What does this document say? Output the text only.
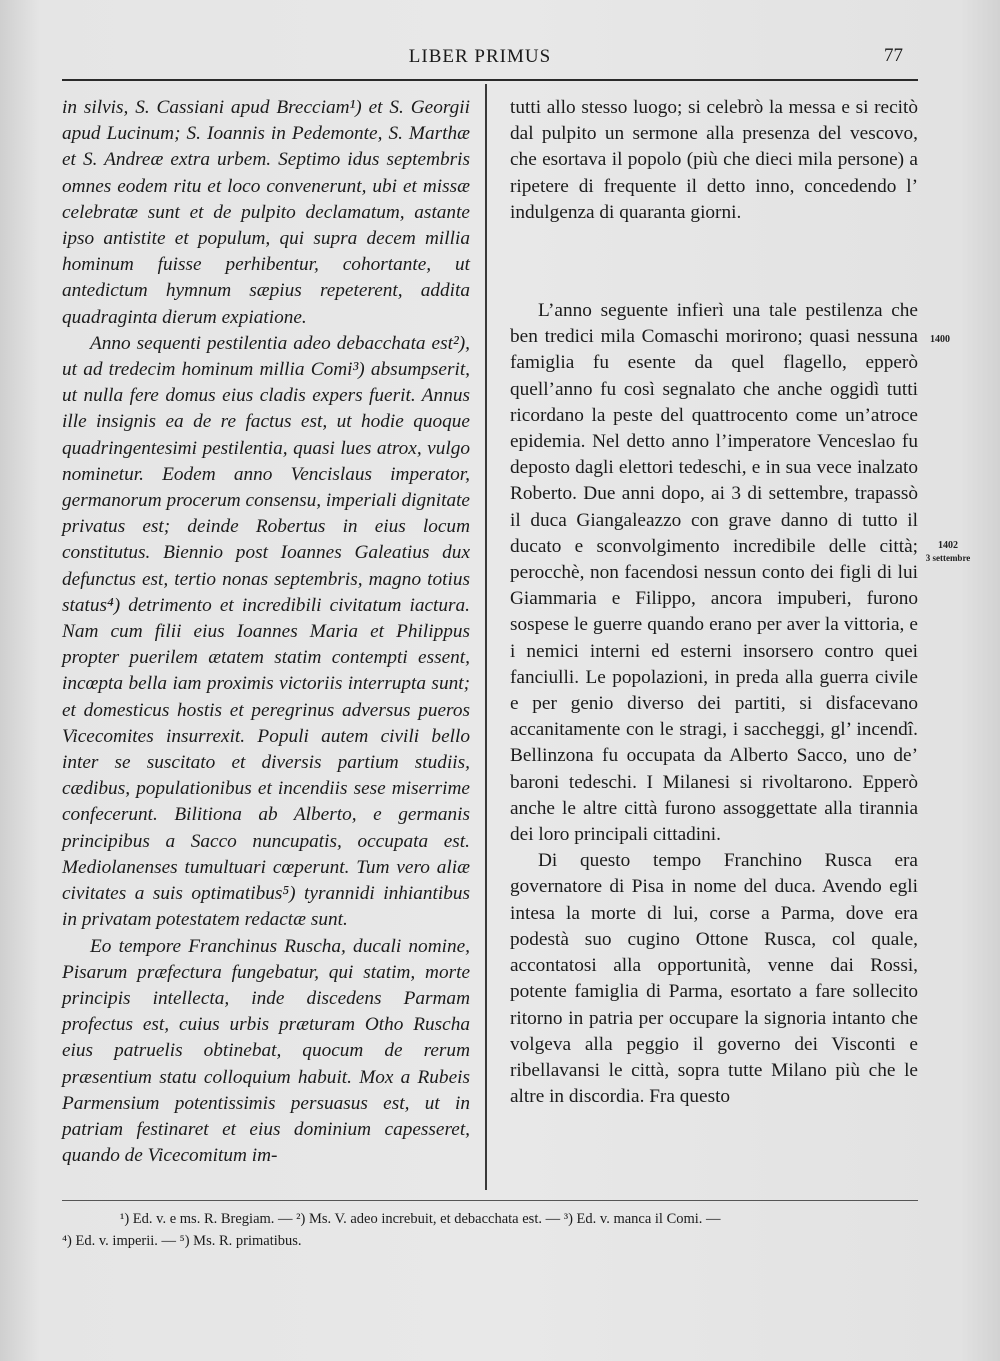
LIBER PRIMUS	77

in silvis, S. Cassiani apud Brecciam¹) et S. Georgii apud Lucinum; S. Ioannis in Pedemonte, S. Marthæ et S. Andreæ extra urbem. Septimo idus septembris omnes eodem ritu et loco convenerunt, ubi et missæ celebratæ sunt et de pulpito declamatum, astante ipso antistite et populum, qui supra decem millia hominum fuisse perhibentur, cohortante, ut antedictum hymnum sæpius repeterent, addita quadraginta dierum expiatione.

Anno sequenti pestilentia adeo debacchata est²), ut ad tredecim hominum millia Comi³) absumpserit, ut nulla fere domus eius cladis expers fuerit. Annus ille insignis ea de re factus est, ut hodie quoque quadringentesimi pestilentia, quasi lues atrox, vulgo nominetur. Eodem anno Vencislaus imperator, germanorum procerum consensu, imperiali dignitate privatus est; deinde Robertus in eius locum constitutus. Biennio post Ioannes Galeatius dux defunctus est, tertio nonas septembris, magno totius status⁴) detrimento et incredibili civitatum iactura. Nam cum filii eius Ioannes Maria et Philippus propter puerilem ætatem statim contempti essent, incœpta bella iam proximis victoriis interrupta sunt; et domesticus hostis et peregrinus adversus pueros Vicecomites insurrexit. Populi autem civili bello inter se suscitato et diversis partium studiis, cædibus, populationibus et incendiis sese miserrime confecerunt. Bilitiona ab Alberto, e germanis principibus a Sacco nuncupatis, occupata est. Mediolanenses tumultuari cœperunt. Tum vero aliæ civitates a suis optimatibus⁵) tyrannidi inhiantibus in privatam potestatem redactæ sunt.

Eo tempore Franchinus Ruscha, ducali nomine, Pisarum præfectura fungebatur, qui statim, morte principis intellecta, inde discedens Parmam profectus est, cuius urbis præturam Otho Ruscha eius patruelis obtinebat, quocum de rerum præsentium statu colloquium habuit. Mox a Rubeis Parmensium potentissimis persuasus est, ut in patriam festinaret et eius dominium capesseret, quando de Vicecomitum im-

tutti allo stesso luogo; si celebrò la messa e si recitò dal pulpito un sermone alla presenza del vescovo, che esortava il popolo (più che dieci mila persone) a ripetere di frequente il detto inno, concedendo l’ indulgenza di quaranta giorni.

L’anno seguente infierì una tale pestilenza che ben tredici mila Comaschi morirono; quasi nessuna famiglia fu esente da quel flagello, epperò quell’anno fu così segnalato che anche oggidì tutti ricordano la peste del quattrocento come un’atroce epidemia. Nel detto anno l’imperatore Venceslao fu deposto dagli elettori tedeschi, e in sua vece inalzato Roberto. Due anni dopo, ai 3 di settembre, trapassò il duca Giangaleazzo con grave danno di tutto il ducato e sconvolgimento incredibile delle città; perocchè, non facendosi nessun conto dei figli di lui Giammaria e Filippo, ancora impuberi, furono sospese le guerre quando erano per aver la vittoria, e i nemici interni ed esterni insorsero contro quei fanciulli. Le popolazioni, in preda alla guerra civile e per genio diverso dei partiti, si disfacevano accanitamente con le stragi, i saccheggi, gl’ incendî. Bellinzona fu occupata da Alberto Sacco, uno de’ baroni tedeschi. I Milanesi si rivoltarono. Epperò anche le altre città furono assoggettate alla tirannia dei loro principali cittadini.

Di questo tempo Franchino Rusca era governatore di Pisa in nome del duca. Avendo egli intesa la morte di lui, corse a Parma, dove era podestà suo cugino Ottone Rusca, col quale, accontatosi alla opportunità, venne dai Rossi, potente famiglia di Parma, esortato a fare sollecito ritorno in patria per occupare la signoria intanto che volgeva alla peggio il governo dei Visconti e ribellavansi le città, sopra tutte Milano più che le altre in discordia. Fra questo

1400
1402
3 settembre

¹) Ed. v. e ms. R. Bregiam. — ²) Ms. V. adeo increbuit, et debacchata est. — ³) Ed. v. manca il Comi. —

⁴) Ed. v. imperii. — ⁵) Ms. R. primatibus.
